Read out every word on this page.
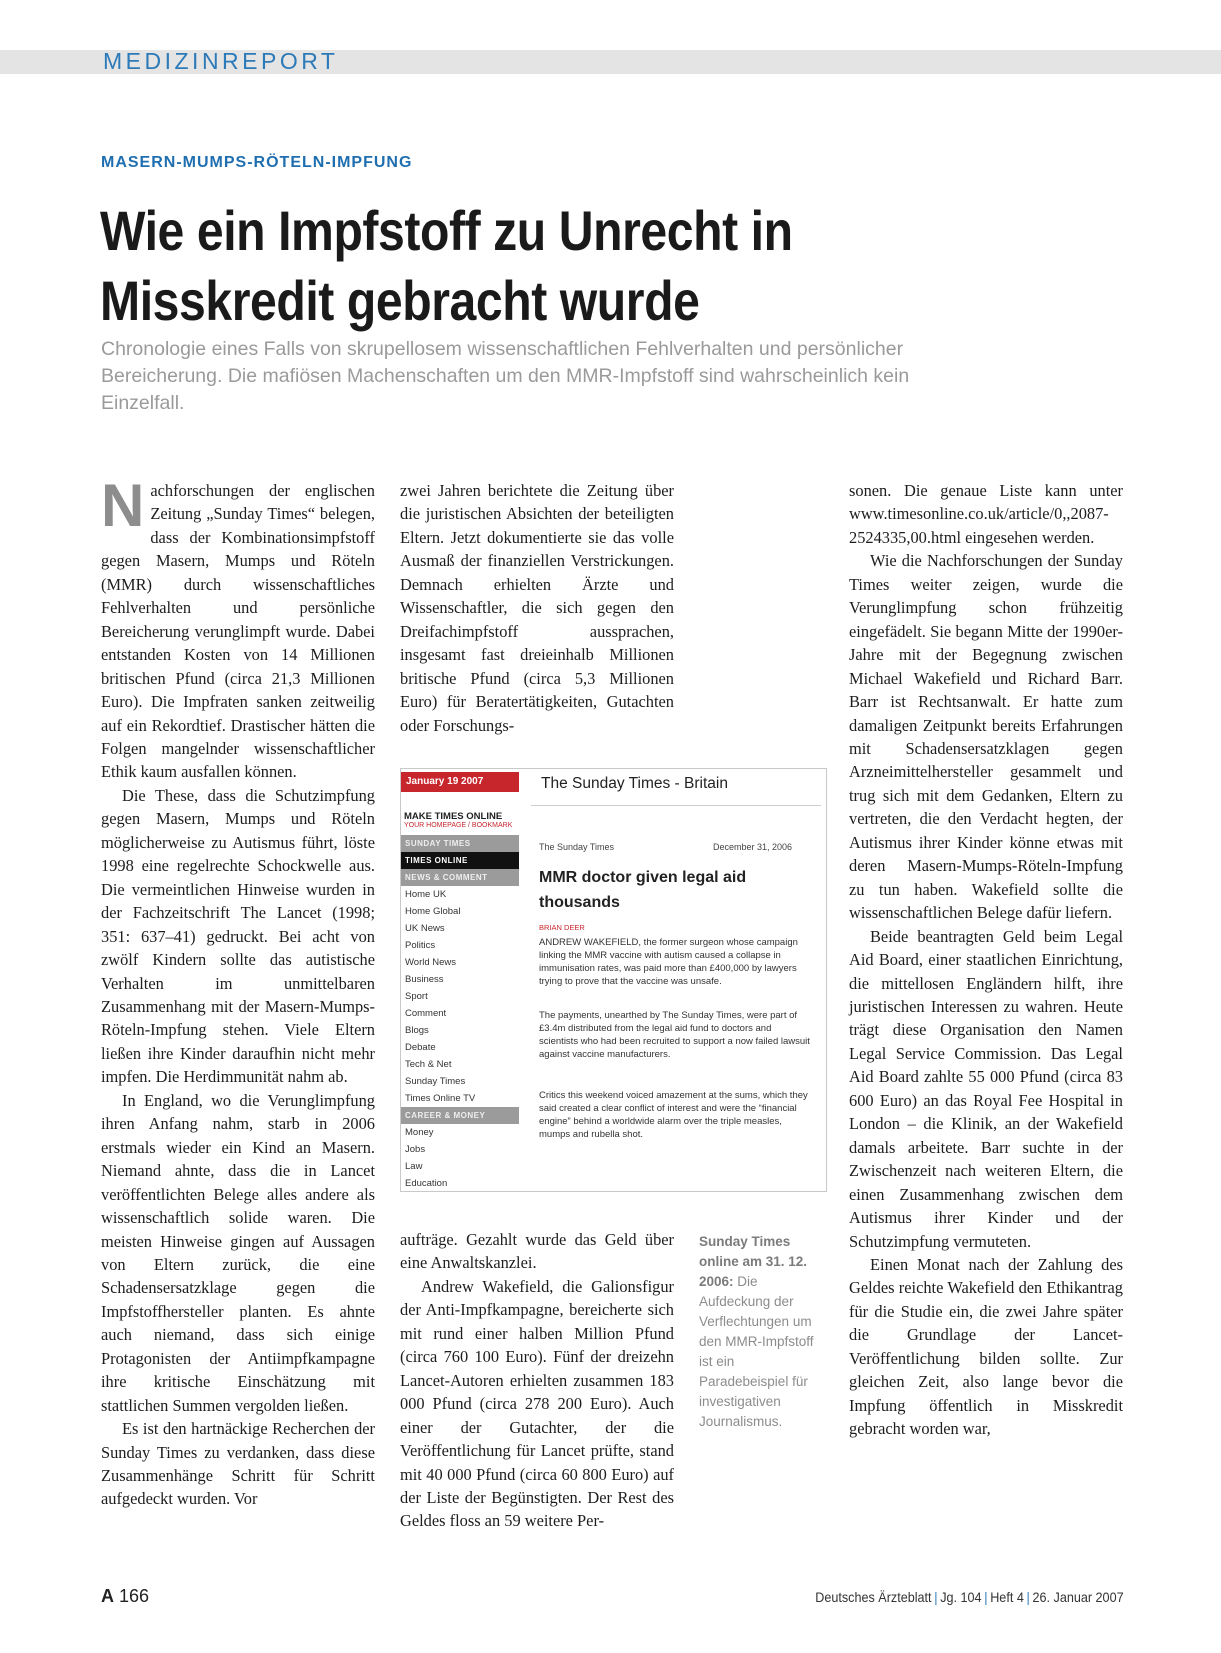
MEDIZINREPORT
MASERN-MUMPS-RÖTELN-IMPFUNG
Wie ein Impfstoff zu Unrecht in
Misskredit gebracht wurde
Chronologie eines Falls von skrupellosem wissenschaftlichen Fehlverhalten und persönlicher Bereicherung. Die mafiösen Machenschaften um den MMR-Impfstoff sind wahrscheinlich kein Einzelfall.

Nachforschungen der englischen Zeitung „Sunday Times“ belegen, dass der Kombinationsimpfstoff gegen Masern, Mumps und Röteln (MMR) durch wissenschaftliches Fehlverhalten und persönliche Bereicherung verunglimpft wurde. Dabei entstanden Kosten von 14 Millionen britischen Pfund (circa 21,3 Millionen Euro). Die Impfraten sanken zeitweilig auf ein Rekordtief. Drastischer hätten die Folgen mangelnder wissenschaftlicher Ethik kaum ausfallen können.

Die These, dass die Schutzimpfung gegen Masern, Mumps und Röteln möglicherweise zu Autismus führt, löste 1998 eine regelrechte Schockwelle aus. Die vermeintlichen Hinweise wurden in der Fachzeitschrift The Lancet (1998; 351: 637–41) gedruckt. Bei acht von zwölf Kindern sollte das autistische Verhalten im unmittelbaren Zusammenhang mit der Masern-Mumps-Röteln-Impfung stehen. Viele Eltern ließen ihre Kinder daraufhin nicht mehr impfen. Die Herdimmunität nahm ab.

In England, wo die Verunglimpfung ihren Anfang nahm, starb in 2006 erstmals wieder ein Kind an Masern. Niemand ahnte, dass die in Lancet veröffentlichten Belege alles andere als wissenschaftlich solide waren. Die meisten Hinweise gingen auf Aussagen von Eltern zurück, die eine Schadensersatzklage gegen die Impfstoffhersteller planten. Es ahnte auch niemand, dass sich einige Protagonisten der Antiimpfkampagne ihre kritische Einschätzung mit stattlichen Summen vergolden ließen.

Es ist den hartnäckige Recherchen der Sunday Times zu verdanken, dass diese Zusammenhänge Schritt für Schritt aufgedeckt wurden. Vor

zwei Jahren berichtete die Zeitung über die juristischen Absichten der beteiligten Eltern. Jetzt dokumentierte sie das volle Ausmaß der finanziellen Verstrickungen. Demnach erhielten Ärzte und Wissenschaftler, die sich gegen den Dreifachimpfstoff aussprachen, insgesamt fast dreieinhalb Millionen britische Pfund (circa 5,3 Millionen Euro) für Beratertätigkeiten, Gutachten oder Forschungs-

January 19 2007
MAKE TIMES ONLINE
YOUR HOMEPAGE / BOOKMARK
SUNDAY TIMES
TIMES ONLINE
NEWS & COMMENT
Home UK
Home Global
UK News
Politics
World News
Business
Sport
Comment
Blogs
Debate
Tech & Net
Sunday Times
Times Online TV
CAREER & MONEY
Money
Jobs
Law
Education
The Sunday Times - Britain
The Sunday Times	December 31, 2006
MMR doctor given legal aid thousands
BRIAN DEER
ANDREW WAKEFIELD, the former surgeon whose campaign linking the MMR vaccine with autism caused a collapse in immunisation rates, was paid more than £400,000 by lawyers trying to prove that the vaccine was unsafe.
The payments, unearthed by The Sunday Times, were part of £3.4m distributed from the legal aid fund to doctors and scientists who had been recruited to support a now failed lawsuit against vaccine manufacturers.
Critics this weekend voiced amazement at the sums, which they said created a clear conflict of interest and were the “financial engine” behind a worldwide alarm over the triple measles, mumps and rubella shot.

aufträge. Gezahlt wurde das Geld über eine Anwaltskanzlei.

Andrew Wakefield, die Galionsfigur der Anti-Impfkampagne, bereicherte sich mit rund einer halben Million Pfund (circa 760 100 Euro). Fünf der dreizehn Lancet-Autoren erhielten zusammen 183 000 Pfund (circa 278 200 Euro). Auch einer der Gutachter, der die Veröffentlichung für Lancet prüfte, stand mit 40 000 Pfund (circa 60 800 Euro) auf der Liste der Begünstigten. Der Rest des Geldes floss an 59 weitere Per-

Sunday Times online am 31. 12. 2006: Die Aufdeckung der Verflechtungen um den MMR-Impfstoff ist ein Paradebeispiel für investigativen Journalismus.

sonen. Die genaue Liste kann unter www.timesonline.co.uk/article/0,,2087-2524335,00.html eingesehen werden.

Wie die Nachforschungen der Sunday Times weiter zeigen, wurde die Verunglimpfung schon frühzeitig eingefädelt. Sie begann Mitte der 1990er-Jahre mit der Begegnung zwischen Michael Wakefield und Richard Barr. Barr ist Rechtsanwalt. Er hatte zum damaligen Zeitpunkt bereits Erfahrungen mit Schadensersatzklagen gegen Arzneimittelhersteller gesammelt und trug sich mit dem Gedanken, Eltern zu vertreten, die den Verdacht hegten, der Autismus ihrer Kinder könne etwas mit deren Masern-Mumps-Röteln-Impfung zu tun haben. Wakefield sollte die wissenschaftlichen Belege dafür liefern.

Beide beantragten Geld beim Legal Aid Board, einer staatlichen Einrichtung, die mittellosen Engländern hilft, ihre juristischen Interessen zu wahren. Heute trägt diese Organisation den Namen Legal Service Commission. Das Legal Aid Board zahlte 55 000 Pfund (circa 83 600 Euro) an das Royal Fee Hospital in London – die Klinik, an der Wakefield damals arbeitete. Barr suchte in der Zwischenzeit nach weiteren Eltern, die einen Zusammenhang zwischen dem Autismus ihrer Kinder und der Schutzimpfung vermuteten.

Einen Monat nach der Zahlung des Geldes reichte Wakefield den Ethikantrag für die Studie ein, die zwei Jahre später die Grundlage der Lancet-Veröffentlichung bilden sollte. Zur gleichen Zeit, also lange bevor die Impfung öffentlich in Misskredit gebracht worden war,

A 166	Deutsches Ärzteblatt | Jg. 104 | Heft 4 | 26. Januar 2007
